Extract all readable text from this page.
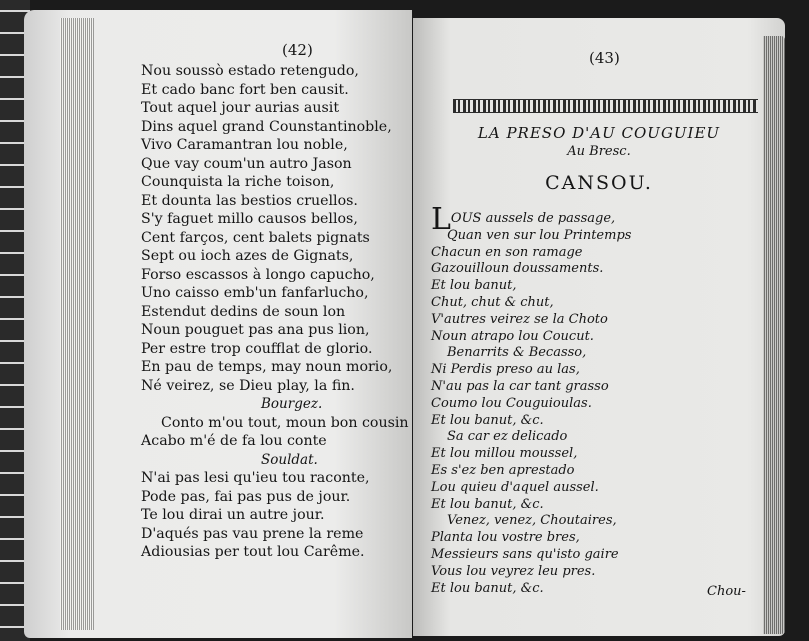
(42)
Nou soussò estado retengudo,
Et cado banc fort ben causit.
Tout aquel jour aurias ausit
Dins aquel grand Counstantinoble,
Vivo Caramantran lou noble,
Que vay coum'un autro Jason
Counquista la riche toison,
Et dounta las bestios cruellos.
S'y faguet millo causos bellos,
Cent farços, cent balets pignats
Sept ou ioch azes de Gignats,
Forso escassos à longo capucho,
Uno caisso emb'un fanfarlucho,
Estendut dedins de soun lon
Noun pouguet pas ana pus lion,
Per estre trop coufflat de glorio.
En pau de temps, may noun morio,
Né veirez, se Dieu play, la fin.
Bourgez.
Conto m'ou tout, moun bon cousin
Acabo m'é de fa lou conte
Souldat.
N'ai pas lesi qu'ieu tou raconte,
Pode pas, fai pas pus de jour.
Te lou dirai un autre jour.
D'aqués pas vau prene la reme
Adiousias per tout lou Carême.
(43)
LA PRESO D'AU COUGUIEU
Au Bresc.
CANSOU.
LOUS aussels de passage,
Quan ven sur lou Printemps
Chacun en son ramage
Gazouilloun doussaments.
Et lou banut,
Chut, chut & chut,
V'autres veirez se la Choto
Noun atrapo lou Coucut.
Benarrits & Becasso,
Ni Perdis preso au las,
N'au pas la car tant grasso
Coumo lou Couguioulas.
Et lou banut, &c.
Sa car ez delicado
Et lou millou moussel,
Es s'ez ben aprestado
Lou quieu d'aquel aussel.
Et lou banut, &c.
Venez, venez, Choutaires,
Planta lou vostre bres,
Messieurs sans qu'isto gaire
Vous lou veyrez leu pres.
Et lou banut, &c.	Chou-
